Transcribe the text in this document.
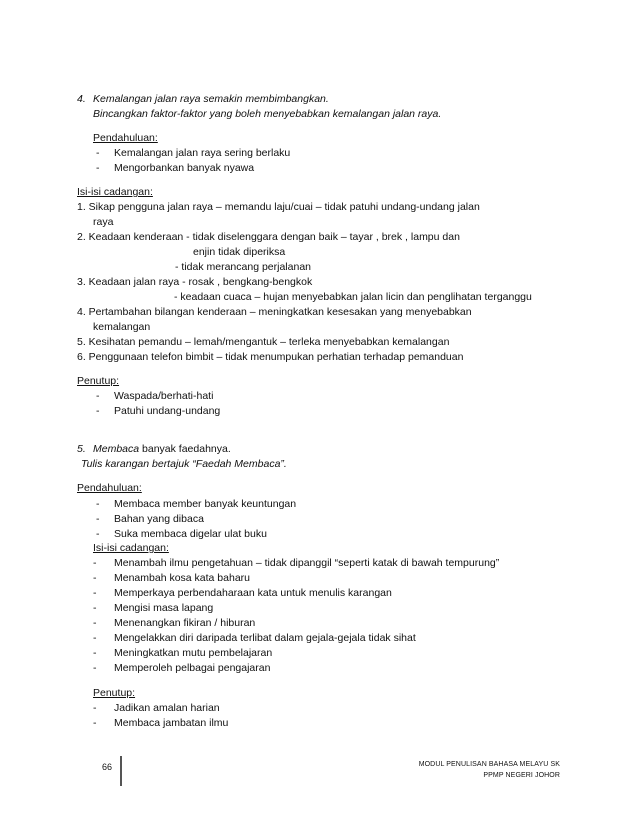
4. Kemalangan jalan raya semakin membimbangkan.
Bincangkan faktor-faktor yang boleh menyebabkan kemalangan jalan raya.
Pendahuluan:
- Kemalangan jalan raya sering berlaku
- Mengorbankan banyak nyawa
Isi-isi cadangan:
1. Sikap pengguna jalan raya – memandu laju/cuai – tidak patuhi undang-undang jalan
raya
2. Keadaan kenderaan - tidak diselenggara dengan baik – tayar , brek , lampu dan
enjin tidak diperiksa
- tidak merancang perjalanan
3. Keadaan jalan raya - rosak , bengkang-bengkok
- keadaan cuaca – hujan menyebabkan jalan licin dan penglihatan terganggu
4. Pertambahan bilangan kenderaan – meningkatkan kesesakan yang menyebabkan
kemalangan
5. Kesihatan pemandu – lemah/mengantuk – terleka menyebabkan kemalangan
6. Penggunaan telefon bimbit – tidak menumpukan perhatian terhadap pemanduan
Penutup:
- Waspada/berhati-hati
- Patuhi undang-undang
5. Membaca banyak faedahnya.
Tulis karangan bertajuk “Faedah Membaca”.
Pendahuluan:
- Membaca member banyak keuntungan
- Bahan yang dibaca
- Suka membaca digelar ulat buku
Isi-isi cadangan:
- Menambah ilmu pengetahuan – tidak dipanggil “seperti katak di bawah tempurung”
- Menambah kosa kata baharu
- Memperkaya perbendaharaan kata untuk menulis karangan
- Mengisi masa lapang
- Menenangkan fikiran / hiburan
- Mengelakkan diri daripada terlibat dalam gejala-gejala tidak sihat
- Meningkatkan mutu pembelajaran
- Memperoleh pelbagai pengajaran
Penutup:
- Jadikan amalan harian
- Membaca jambatan ilmu
66	MODUL PENULISAN BAHASA MELAYU SK
PPMP NEGERI JOHOR
